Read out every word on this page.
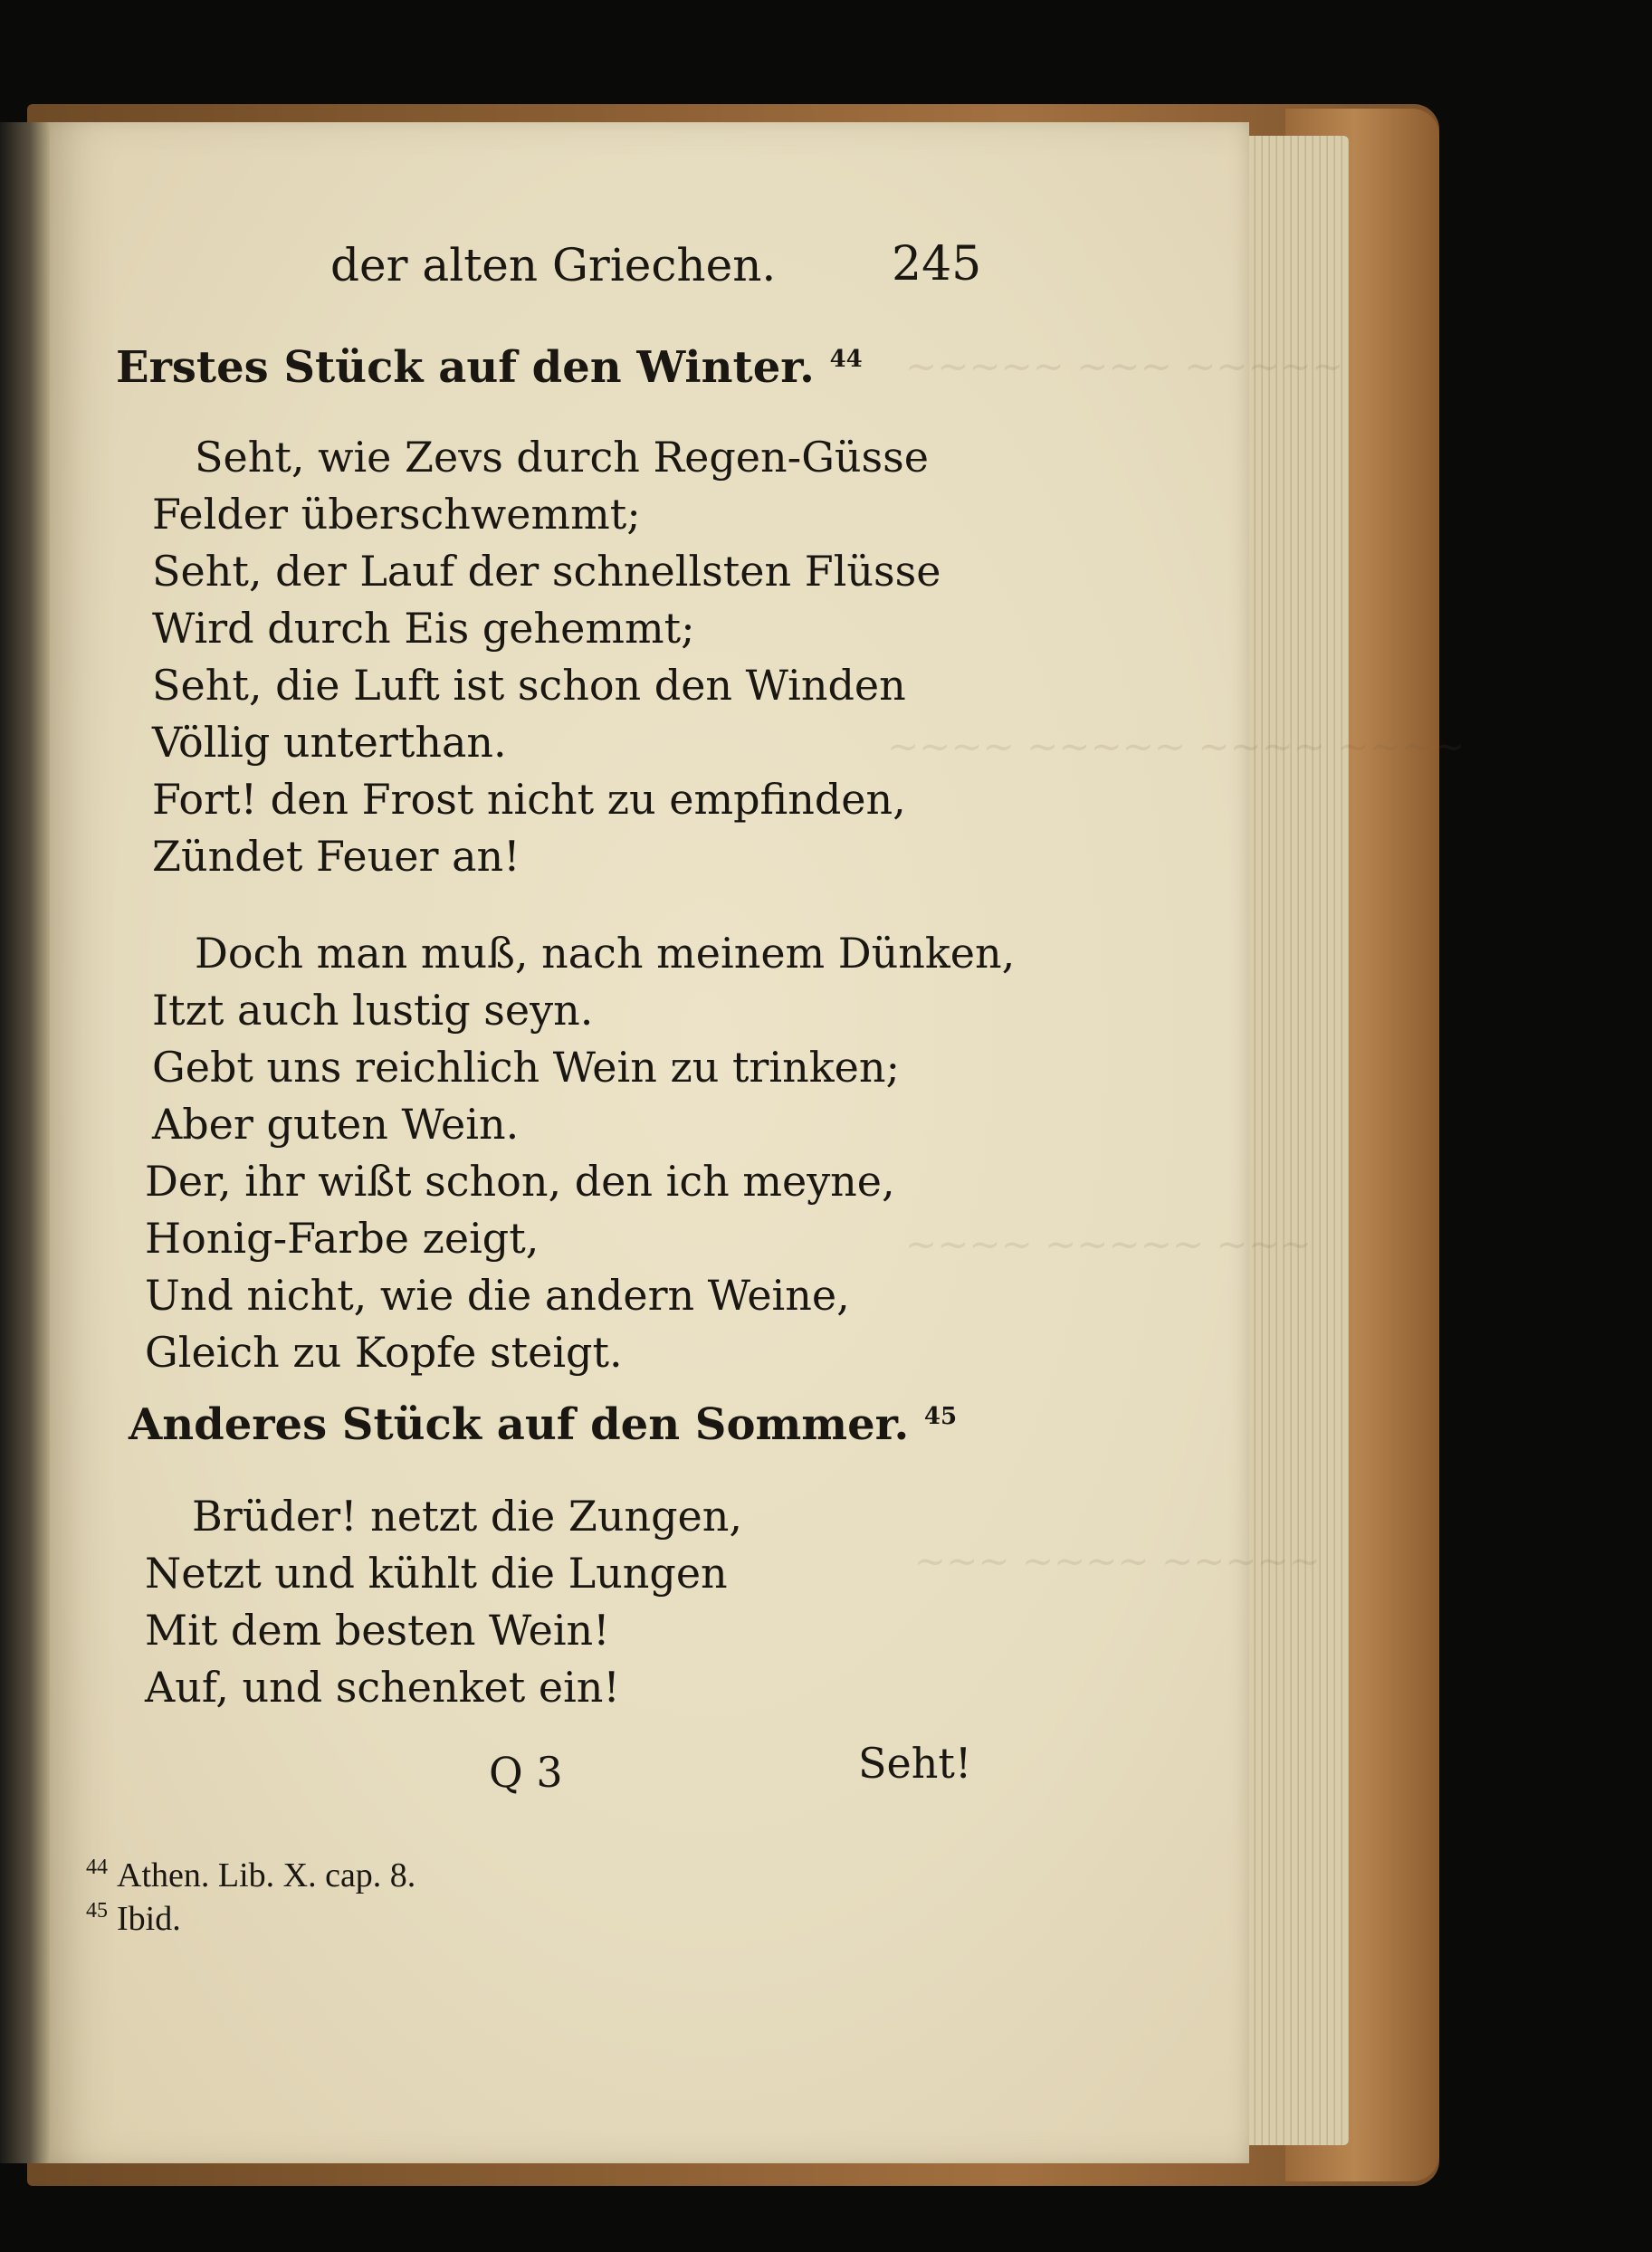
~~~~~ ~~~ ~~~~~
~~~~ ~~~~~ ~~~~ ~~~~
~~~~ ~~~~~ ~~~
~~~ ~~~~ ~~~~~
der alten Griechen. 245
Erstes Stück auf den Winter. $^{44}$
Seht, wie Zevs durch Regen-Güsse
Felder überschwemmt;
Seht, der Lauf der schnellsten Flüsse
Wird durch Eis gehemmt;
Seht, die Luft ist schon den Winden
Völlig unterthan.
Fort! den Frost nicht zu empfinden,
Zündet Feuer an!
Doch man muß, nach meinem Dünken,
Itzt auch lustig seyn.
Gebt uns reichlich Wein zu trinken;
Aber guten Wein.
Der, ihr wißt schon, den ich meyne,
Honig-Farbe zeigt,
Und nicht, wie die andern Weine,
Gleich zu Kopfe steigt.
Anderes Stück auf den Sommer. $^{45}$
Brüder! netzt die Zungen,
Netzt und kühlt die Lungen
Mit dem besten Wein!
Auf, und schenket ein!
Q 3	Seht!
$^{44}$ Athen. Lib. X. cap. 8.
$^{45}$ Ibid.
